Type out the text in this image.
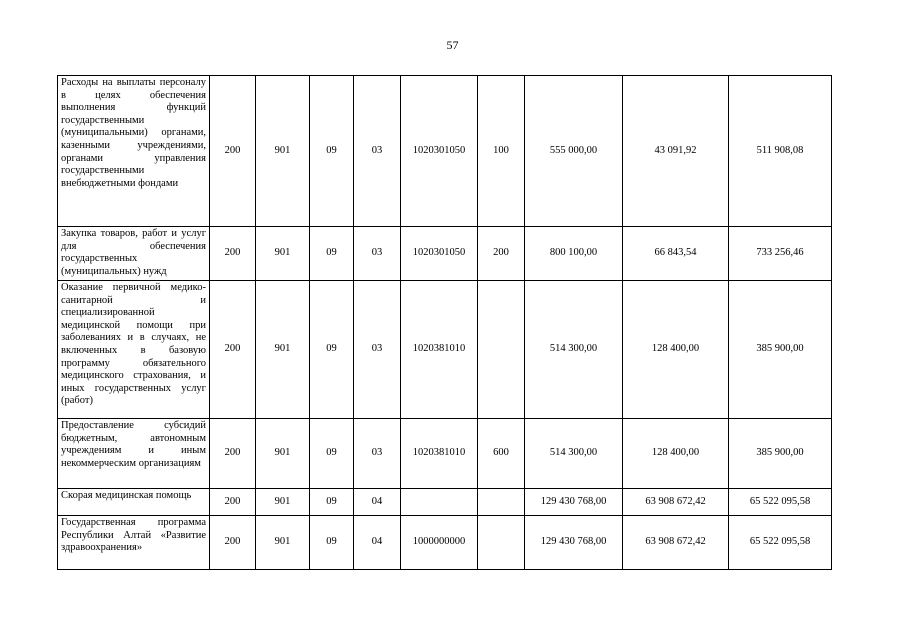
57
Расходы на выплаты персоналу в целях обеспечения выполнения функций государственными (муниципальными) органами, казенными учреждениями, органами управления государственными внебюджетными фондами	200	901	09	03	1020301050	100	555 000,00	43 091,92	511 908,08
Закупка товаров, работ и услуг для обеспечения государственных (муниципальных) нужд	200	901	09	03	1020301050	200	800 100,00	66 843,54	733 256,46
Оказание первичной медико-санитарной и специализированной медицинской помощи при заболеваниях и в случаях, не включенных в базовую программу обязательного медицинского страхования, и иных государственных услуг (работ)	200	901	09	03	1020381010		514 300,00	128 400,00	385 900,00
Предоставление субсидий бюджетным, автономным учреждениям и иным некоммерческим организациям	200	901	09	03	1020381010	600	514 300,00	128 400,00	385 900,00
Скорая медицинская помощь	200	901	09	04			129 430 768,00	63 908 672,42	65 522 095,58
Государственная программа Республики Алтай «Развитие здравоохранения»	200	901	09	04	1000000000		129 430 768,00	63 908 672,42	65 522 095,58
